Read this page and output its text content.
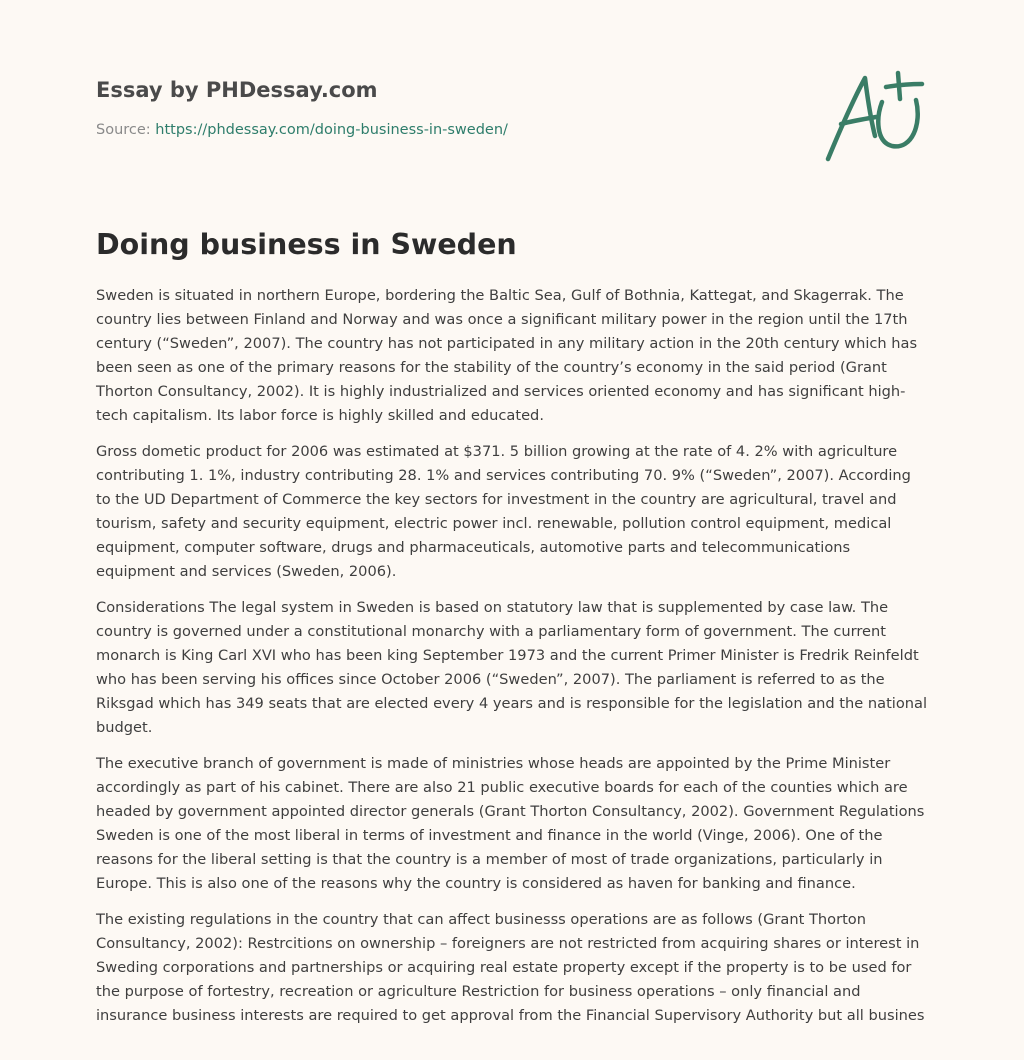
Essay by PHDessay.com
Source: https://phdessay.com/doing-business-in-sweden/
Doing business in Sweden

Sweden is situated in northern Europe, bordering the Baltic Sea, Gulf of Bothnia, Kattegat, and Skagerrak. The country lies between Finland and Norway and was once a significant military power in the region until the 17th century (“Sweden”, 2007). The country has not participated in any military action in the 20th century which has been seen as one of the primary reasons for the stability of the country’s economy in the said period (Grant Thorton Consultancy, 2002). It is highly industrialized and services oriented economy and has significant high-tech capitalism. Its labor force is highly skilled and educated.

Gross dometic product for 2006 was estimated at $371. 5 billion growing at the rate of 4. 2% with agriculture contributing 1. 1%, industry contributing 28. 1% and services contributing 70. 9% (“Sweden”, 2007). According to the UD Department of Commerce the key sectors for investment in the country are agricultural, travel and tourism, safety and security equipment, electric power incl. renewable, pollution control equipment, medical equipment, computer software, drugs and pharmaceuticals, automotive parts and telecommunications equipment and services (Sweden, 2006).

Considerations The legal system in Sweden is based on statutory law that is supplemented by case law. The country is governed under a constitutional monarchy with a parliamentary form of government. The current monarch is King Carl XVI who has been king September 1973 and the current Primer Minister is Fredrik Reinfeldt who has been serving his offices since October 2006 (“Sweden”, 2007). The parliament is referred to as the Riksgad which has 349 seats that are elected every 4 years and is responsible for the legislation and the national budget.

The executive branch of government is made of ministries whose heads are appointed by the Prime Minister accordingly as part of his cabinet. There are also 21 public executive boards for each of the counties which are headed by government appointed director generals (Grant Thorton Consultancy, 2002). Government Regulations Sweden is one of the most liberal in terms of investment and finance in the world (Vinge, 2006). One of the reasons for the liberal setting is that the country is a member of most of trade organizations, particularly in Europe. This is also one of the reasons why the country is considered as haven for banking and finance.

The existing regulations in the country that can affect businesss operations are as follows (Grant Thorton Consultancy, 2002): Restrcitions on ownership – foreigners are not restricted from acquiring shares or interest in Sweding corporations and partnerships or acquiring real estate property except if the property is to be used for the purpose of fortestry, recreation or agriculture Restriction for business operations – only financial and insurance business interests are required to get approval from the Financial Supervisory Authority but all busines
